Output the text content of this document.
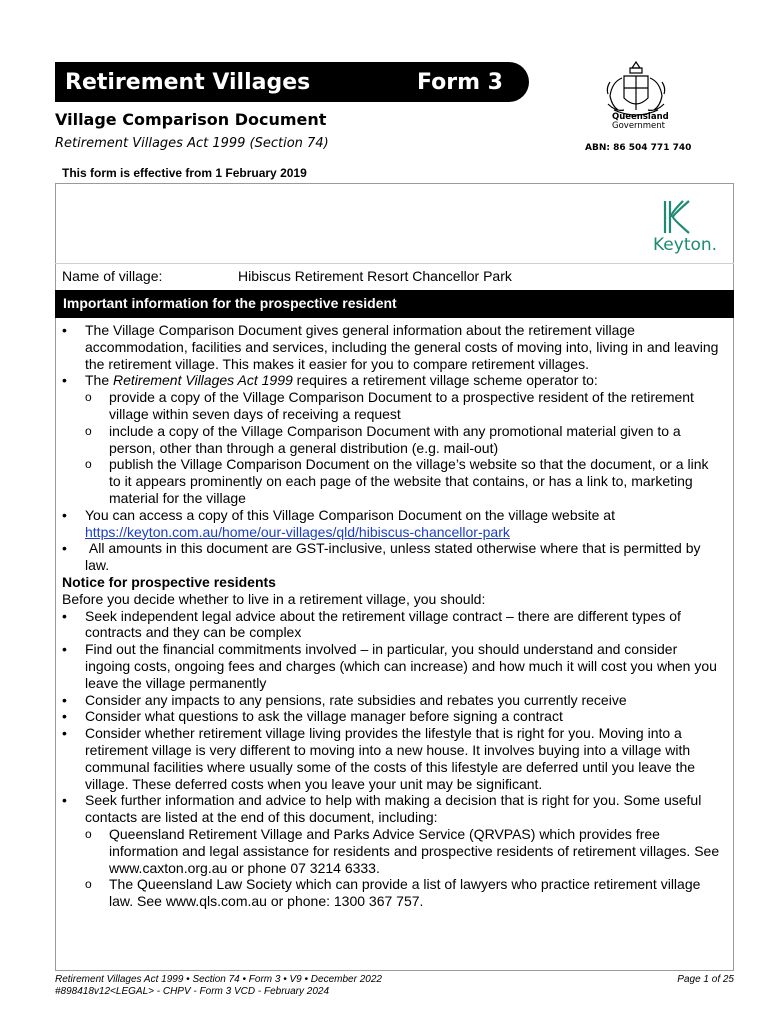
Retirement Villages	Form 3
Village Comparison Document
Retirement Villages Act 1999 (Section 74)
Queensland
Government
ABN: 86 504 771 740
This form is effective from 1 February 2019
Keyton.
Name of village:	Hibiscus Retirement Resort Chancellor Park
Important information for the prospective resident
• The Village Comparison Document gives general information about the retirement village accommodation, facilities and services, including the general costs of moving into, living in and leaving the retirement village. This makes it easier for you to compare retirement villages.
• The Retirement Villages Act 1999 requires a retirement village scheme operator to:
o provide a copy of the Village Comparison Document to a prospective resident of the retirement village within seven days of receiving a request
o include a copy of the Village Comparison Document with any promotional material given to a person, other than through a general distribution (e.g. mail-out)
o publish the Village Comparison Document on the village’s website so that the document, or a link to it appears prominently on each page of the website that contains, or has a link to, marketing material for the village
• You can access a copy of this Village Comparison Document on the village website at
https://keyton.com.au/home/our-villages/qld/hibiscus-chancellor-park
•  All amounts in this document are GST-inclusive, unless stated otherwise where that is permitted by law.
Notice for prospective residents
Before you decide whether to live in a retirement village, you should:
• Seek independent legal advice about the retirement village contract – there are different types of contracts and they can be complex
• Find out the financial commitments involved – in particular, you should understand and consider ingoing costs, ongoing fees and charges (which can increase) and how much it will cost you when you leave the village permanently
• Consider any impacts to any pensions, rate subsidies and rebates you currently receive
• Consider what questions to ask the village manager before signing a contract
• Consider whether retirement village living provides the lifestyle that is right for you. Moving into a retirement village is very different to moving into a new house. It involves buying into a village with communal facilities where usually some of the costs of this lifestyle are deferred until you leave the village. These deferred costs when you leave your unit may be significant.
• Seek further information and advice to help with making a decision that is right for you. Some useful contacts are listed at the end of this document, including:
o Queensland Retirement Village and Parks Advice Service (QRVPAS) which provides free information and legal assistance for residents and prospective residents of retirement villages. See www.caxton.org.au or phone 07 3214 6333.
o The Queensland Law Society which can provide a list of lawyers who practice retirement village law. See www.qls.com.au or phone: 1300 367 757.
Retirement Villages Act 1999 • Section 74 • Form 3 • V9 • December 2022
#898418v12<LEGAL> - CHPV - Form 3 VCD - February 2024
Page 1 of 25
